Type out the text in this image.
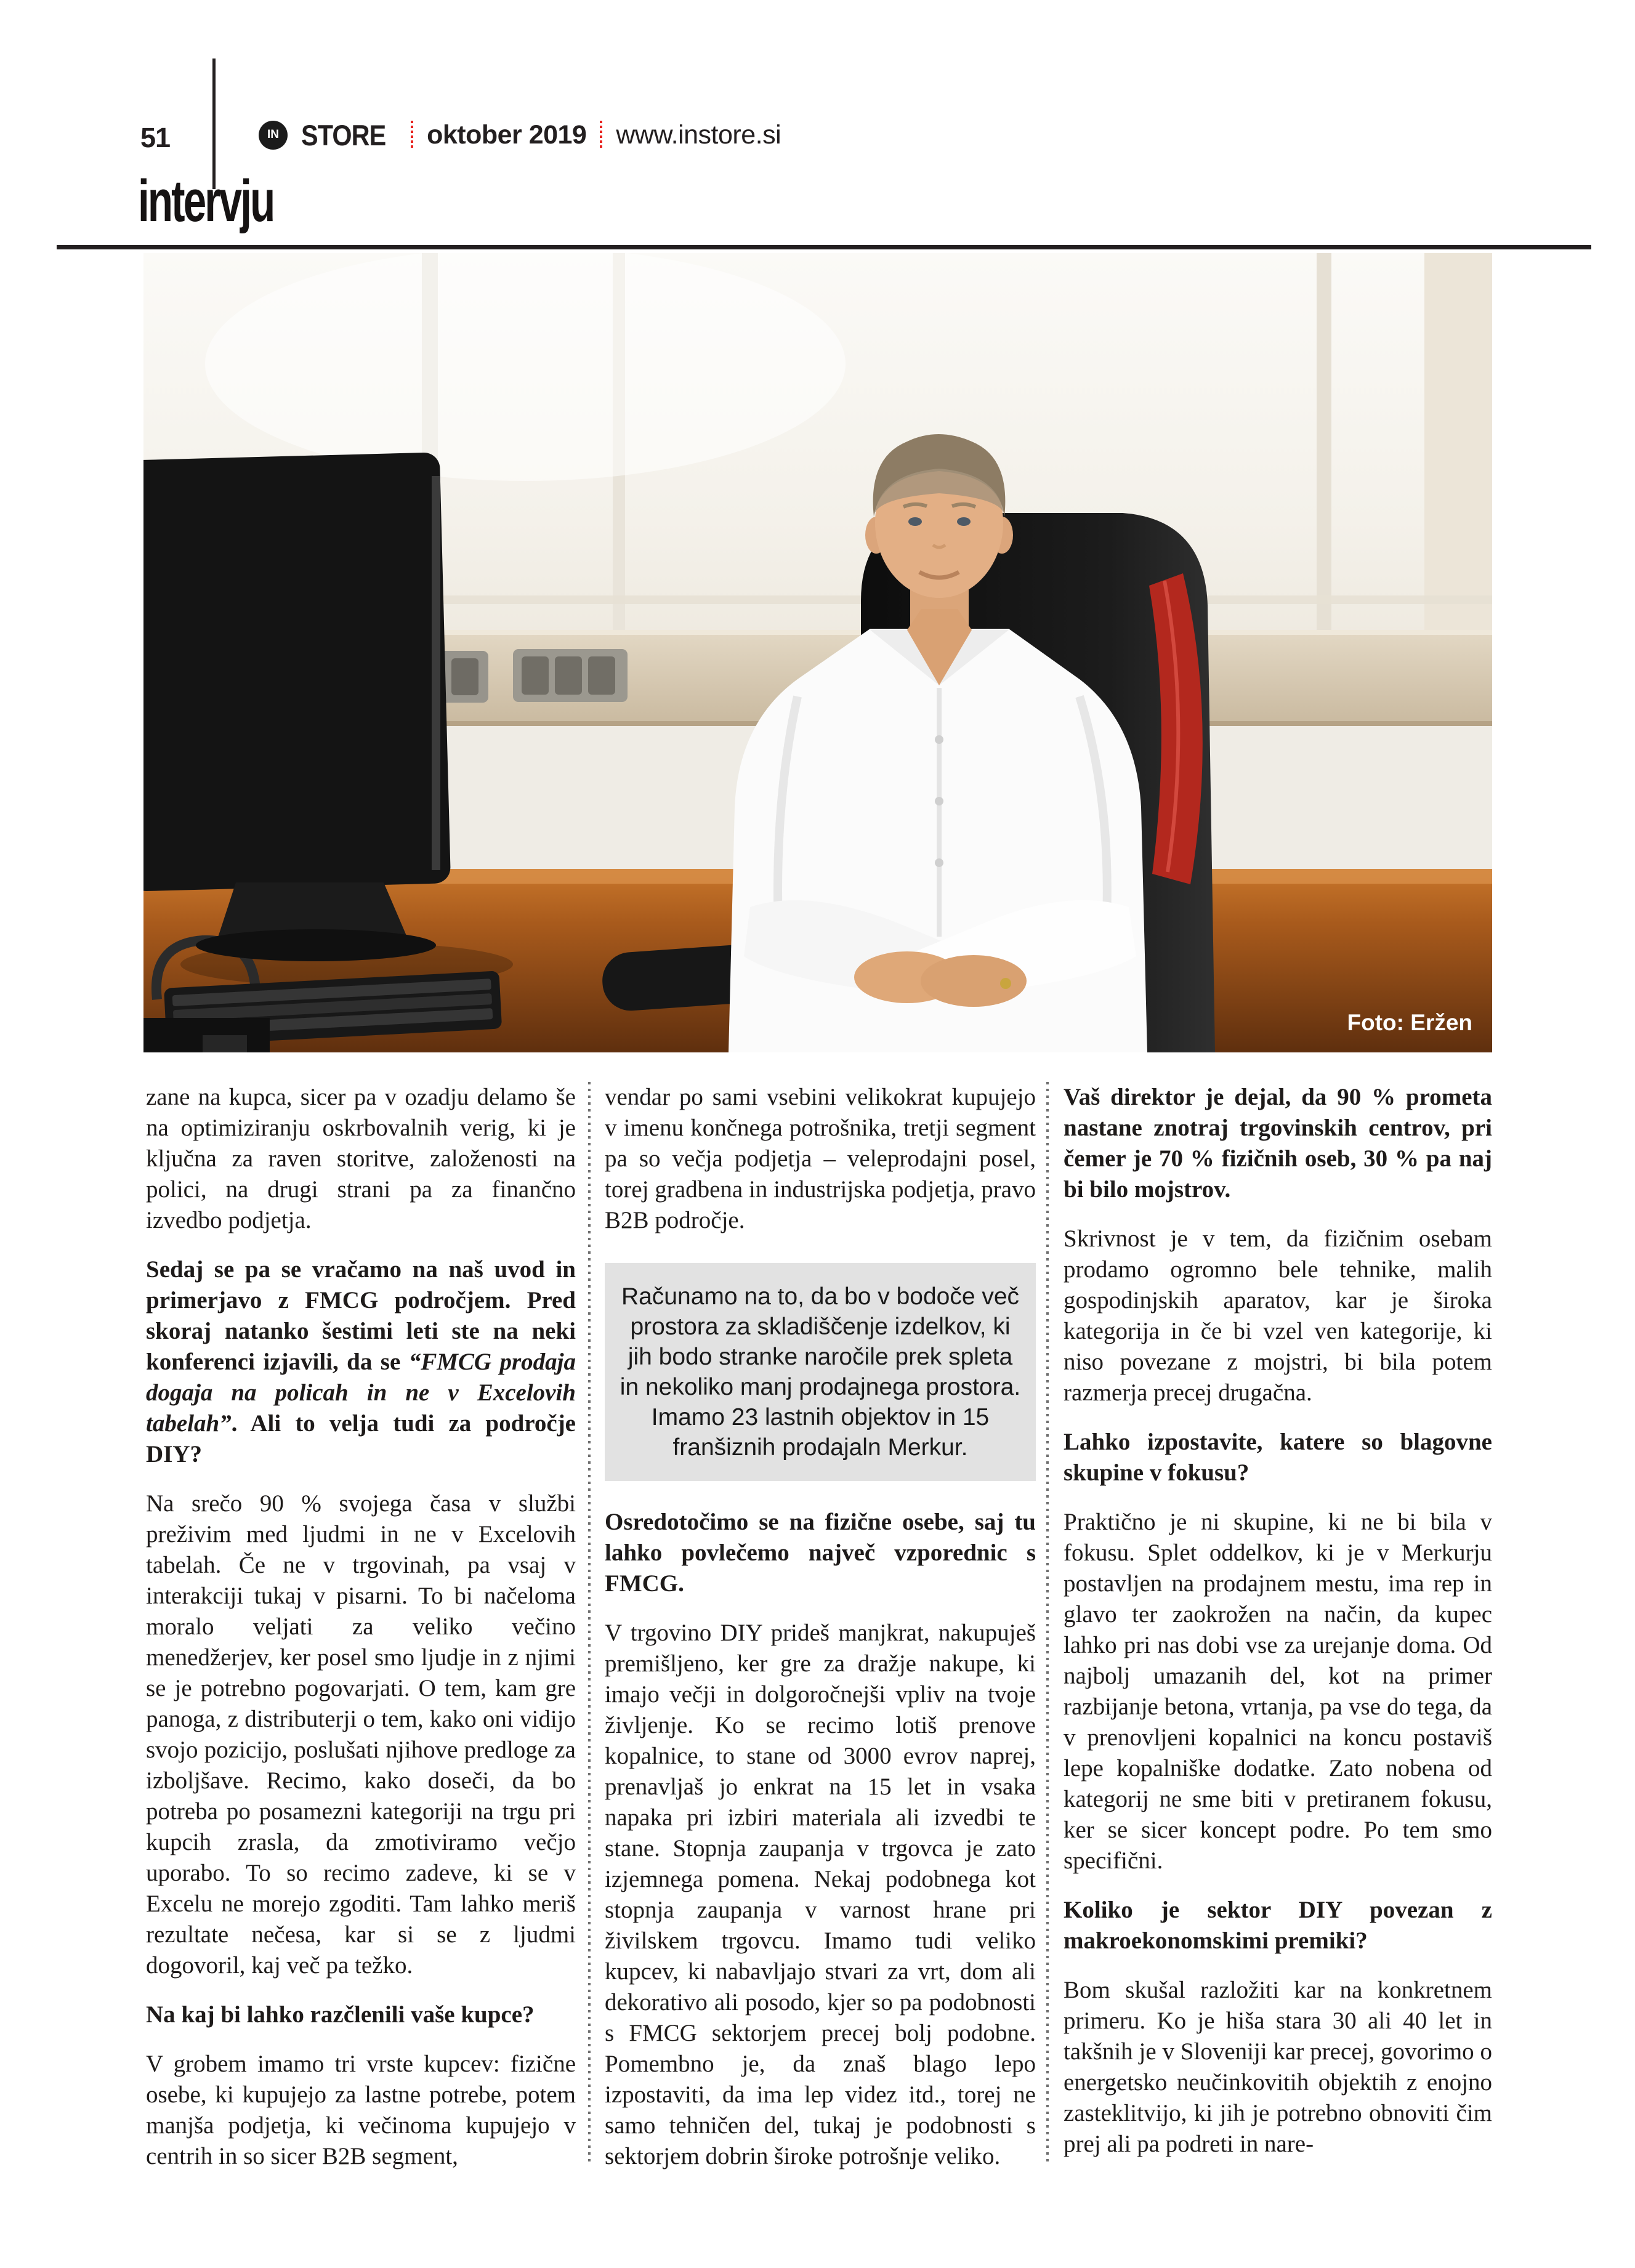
51	IN STORE oktober 2019 www.instore.si
intervju
Foto: Eržen

zane na kupca, sicer pa v ozadju delamo še na optimiziranju oskrbovalnih verig, ki je ključna za raven storitve, založenosti na polici, na drugi strani pa za finančno izvedbo podjetja.

Sedaj se pa se vračamo na naš uvod in primerjavo z FMCG področjem. Pred skoraj natanko šestimi leti ste na neki konferenci izjavili, da se “FMCG prodaja dogaja na policah in ne v Excelovih tabelah”. Ali to velja tudi za področje DIY?

Na srečo 90 % svojega časa v službi preživim med ljudmi in ne v Excelovih tabelah. Če ne v trgovinah, pa vsaj v interakciji tukaj v pisarni. To bi načeloma moralo veljati za veliko večino menedžerjev, ker posel smo ljudje in z njimi se je potrebno pogovarjati. O tem, kam gre panoga, z distributerji o tem, kako oni vidijo svojo pozicijo, poslušati njihove predloge za izboljšave. Recimo, kako doseči, da bo potreba po posamezni kategoriji na trgu pri kupcih zrasla, da zmotiviramo večjo uporabo. To so recimo zadeve, ki se v Excelu ne morejo zgoditi. Tam lahko meriš rezultate nečesa, kar si se z ljudmi dogovoril, kaj več pa težko.

Na kaj bi lahko razčlenili vaše kupce?

V grobem imamo tri vrste kupcev: fizične osebe, ki kupujejo za lastne potrebe, potem manjša podjetja, ki večinoma kupujejo v centrih in so sicer B2B segment,

vendar po sami vsebini velikokrat kupujejo v imenu končnega potrošnika, tretji segment pa so večja podjetja – veleprodajni posel, torej gradbena in industrijska podjetja, pravo B2B področje.

Računamo na to, da bo v bodoče več prostora za skladiščenje izdelkov, ki jih bodo stranke naročile prek spleta in nekoliko manj prodajnega prostora. Imamo 23 lastnih objektov in 15 franšiznih prodajaln Merkur.

Osredotočimo se na fizične osebe, saj tu lahko povlečemo največ vzporednic s FMCG.

V trgovino DIY prideš manjkrat, nakupuješ premišljeno, ker gre za dražje nakupe, ki imajo večji in dolgoročnejši vpliv na tvoje življenje. Ko se recimo lotiš prenove kopalnice, to stane od 3000 evrov naprej, prenavljaš jo enkrat na 15 let in vsaka napaka pri izbiri materiala ali izvedbi te stane. Stopnja zaupanja v trgovca je zato izjemnega pomena. Nekaj podobnega kot stopnja zaupanja v varnost hrane pri živilskem trgovcu. Imamo tudi veliko kupcev, ki nabavljajo stvari za vrt, dom ali dekorativo ali posodo, kjer so pa podobnosti s FMCG sektorjem precej bolj podobne. Pomembno je, da znaš blago lepo izpostaviti, da ima lep videz itd., torej ne samo tehničen del, tukaj je podobnosti s sektorjem dobrin široke potrošnje veliko.

Vaš direktor je dejal, da 90 % prometa nastane znotraj trgovinskih centrov, pri čemer je 70 % fizičnih oseb, 30 % pa naj bi bilo mojstrov.

Skrivnost je v tem, da fizičnim osebam prodamo ogromno bele tehnike, malih gospodinjskih aparatov, kar je široka kategorija in če bi vzel ven kategorije, ki niso povezane z mojstri, bi bila potem razmerja precej drugačna.

Lahko izpostavite, katere so blagovne skupine v fokusu?

Praktično je ni skupine, ki ne bi bila v fokusu. Splet oddelkov, ki je v Merkurju postavljen na prodajnem mestu, ima rep in glavo ter zaokrožen na način, da kupec lahko pri nas dobi vse za urejanje doma. Od najbolj umazanih del, kot na primer razbijanje betona, vrtanja, pa vse do tega, da v prenovljeni kopalnici na koncu postaviš lepe kopalniške dodatke. Zato nobena od kategorij ne sme biti v pretiranem fokusu, ker se sicer koncept podre. Po tem smo specifični.

Koliko je sektor DIY povezan z makroekonomskimi premiki?

Bom skušal razložiti kar na konkretnem primeru. Ko je hiša stara 30 ali 40 let in takšnih je v Sloveniji kar precej, govorimo o energetsko neučinkovitih objektih z enojno zasteklitvijo, ki jih je potrebno obnoviti čim prej ali pa podreti in nare-
